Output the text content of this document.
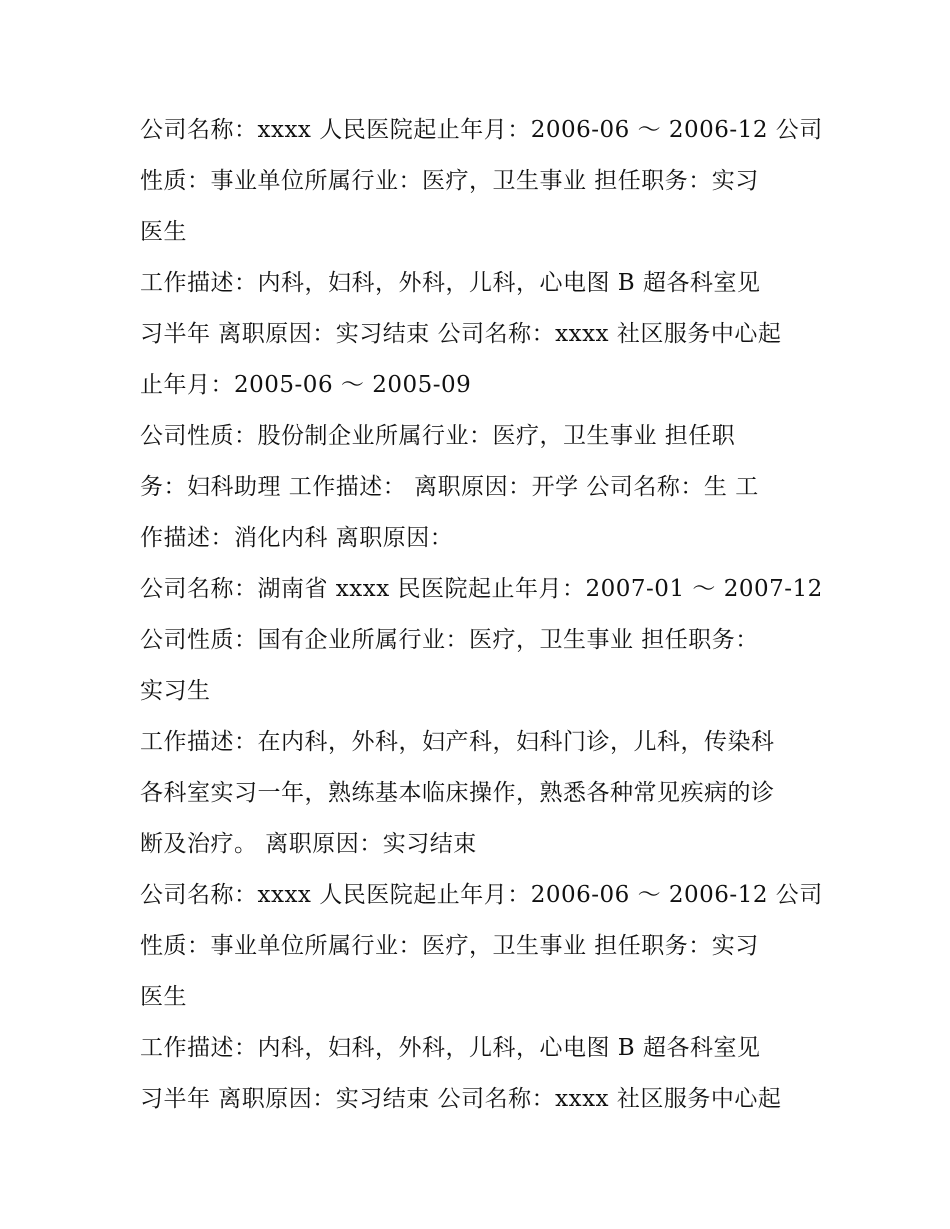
公司名称：xxxx 人民医院起止年月：2006-06 ～ 2006-12 公司
性质：事业单位所属行业：医疗，卫生事业 担任职务：实习
医生
工作描述：内科，妇科，外科，儿科，心电图 B 超各科室见
习半年 离职原因：实习结束 公司名称：xxxx 社区服务中心起
止年月：2005-06 ～ 2005-09
公司性质：股份制企业所属行业：医疗，卫生事业 担任职
务：妇科助理 工作描述： 离职原因：开学 公司名称：生 工
作描述：消化内科 离职原因：
公司名称：湖南省 xxxx 民医院起止年月：2007-01 ～ 2007-12
公司性质：国有企业所属行业：医疗，卫生事业 担任职务：
实习生
工作描述：在内科，外科，妇产科，妇科门诊，儿科，传染科
各科室实习一年，熟练基本临床操作，熟悉各种常见疾病的诊
断及治疗。 离职原因：实习结束
公司名称：xxxx 人民医院起止年月：2006-06 ～ 2006-12 公司
性质：事业单位所属行业：医疗，卫生事业 担任职务：实习
医生
工作描述：内科，妇科，外科，儿科，心电图 B 超各科室见
习半年 离职原因：实习结束 公司名称：xxxx 社区服务中心起
